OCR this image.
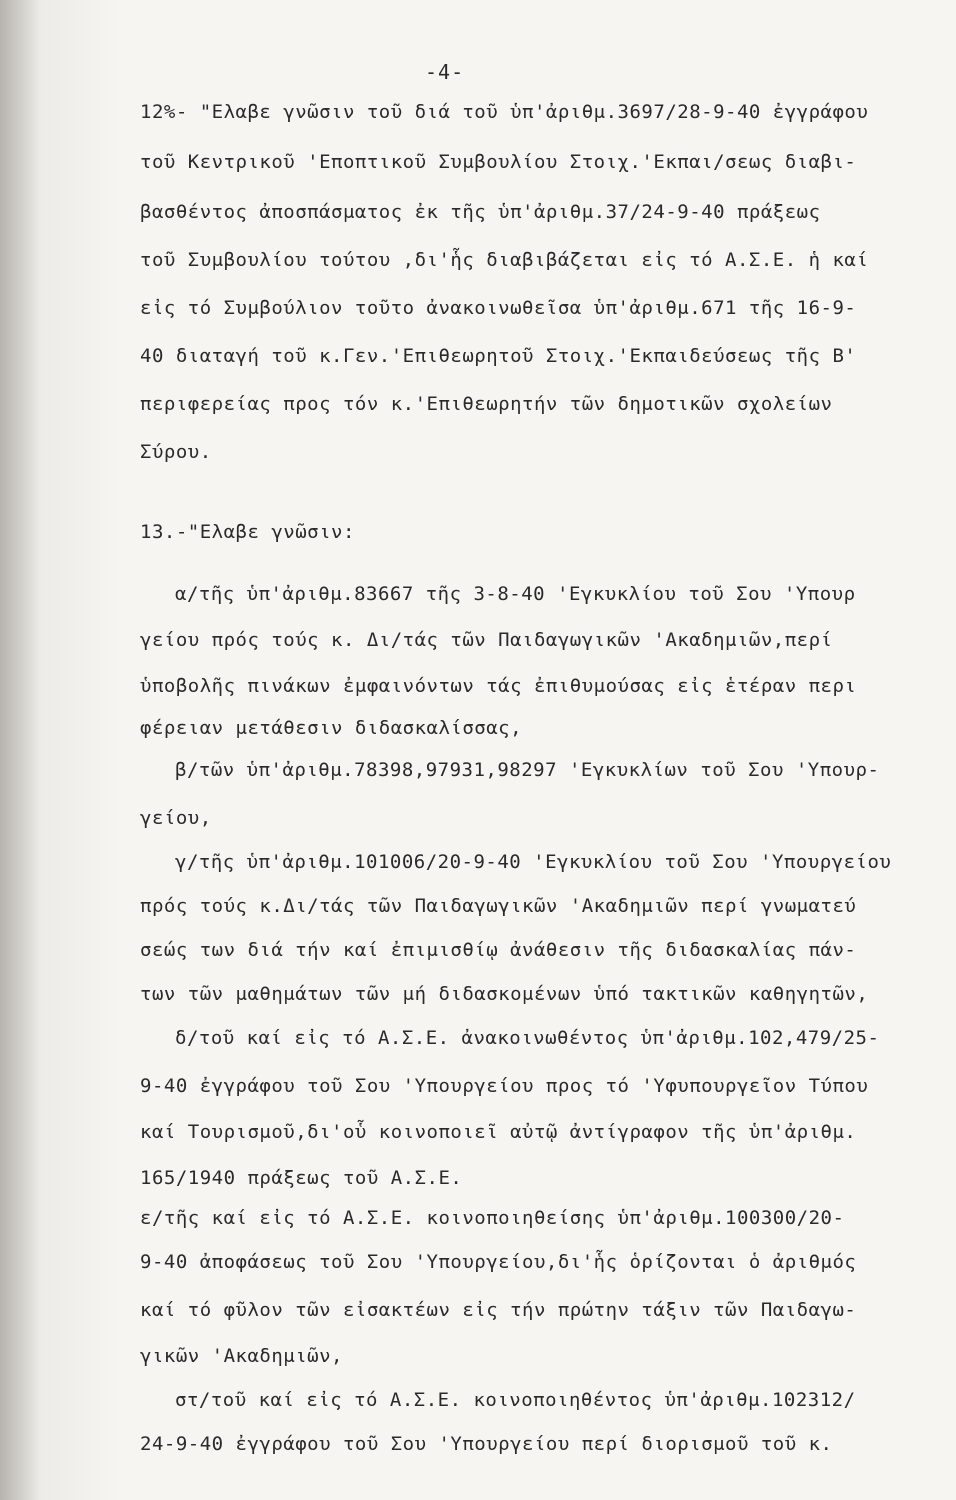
-4-
12%- "Ελαβε γνῶσιν τοῦ διά τοῦ ὑπ'ἀριθμ.3697/28-9-40 ἐγγράφου
τοῦ Κεντρικοῦ 'Εποπτικοῦ Συμβουλίου Στοιχ.'Εκπαι/σεως διαβι-
βασθέντος ἀποσπάσματος ἐκ τῆς ὑπ'ἀριθμ.37/24-9-40 πράξεως
τοῦ Συμβουλίου τούτου ,δι'ἧς διαβιβάζεται εἰς τό Α.Σ.Ε. ἡ καί
εἰς τό Συμβούλιον τοῦτο ἀνακοινωθεῖσα ὑπ'ἀριθμ.671 τῆς 16-9-
40 διαταγή τοῦ κ.Γεν.'Επιθεωρητοῦ Στοιχ.'Εκπαιδεύσεως τῆς Β'
περιφερείας προς τόν κ.'Επιθεωρητήν τῶν δημοτικῶν σχολείων
Σύρου.
13.-"Ελαβε γνῶσιν:
α/τῆς ὑπ'ἀριθμ.83667 τῆς 3-8-40 'Εγκυκλίου τοῦ Σου 'Υπουρ
γείου πρός τούς κ. Δι/τάς τῶν Παιδαγωγικῶν 'Ακαδημιῶν,περί
ὑποβολῆς πινάκων ἐμφαινόντων τάς ἐπιθυμούσας εἰς ἑτέραν περι
φέρειαν μετάθεσιν διδασκαλίσσας,
β/τῶν ὑπ'ἀριθμ.78398,97931,98297 'Εγκυκλίων τοῦ Σου 'Υπουρ-
γείου,
γ/τῆς ὑπ'ἀριθμ.101006/20-9-40 'Εγκυκλίου τοῦ Σου 'Υπουργείου
πρός τούς κ.Δι/τάς τῶν Παιδαγωγικῶν 'Ακαδημιῶν περί γνωματεύ
σεώς των διά τήν καί ἐπιμισθίῳ ἀνάθεσιν τῆς διδασκαλίας πάν-
των τῶν μαθημάτων τῶν μή διδασκομένων ὑπό τακτικῶν καθηγητῶν,
δ/τοῦ καί εἰς τό Α.Σ.Ε. ἀνακοινωθέντος ὑπ'ἀριθμ.102,479/25-
9-40 ἐγγράφου τοῦ Σου 'Υπουργείου προς τό 'Υφυπουργεῖον Τύπου
καί Τουρισμοῦ,δι'οὗ κοινοποιεῖ αὐτῷ ἀντίγραφον τῆς ὑπ'ἀριθμ.
165/1940 πράξεως τοῦ Α.Σ.Ε.
ε/τῆς καί εἰς τό Α.Σ.Ε. κοινοποιηθείσης ὑπ'ἀριθμ.100300/20-
9-40 ἀποφάσεως τοῦ Σου 'Υπουργείου,δι'ἧς ὁρίζονται ὁ ἀριθμός
καί τό φῦλον τῶν εἰσακτέων εἰς τήν πρώτην τάξιν τῶν Παιδαγω-
γικῶν 'Ακαδημιῶν,
στ/τοῦ καί εἰς τό Α.Σ.Ε. κοινοποιηθέντος ὑπ'ἀριθμ.102312/
24-9-40 ἐγγράφου τοῦ Σου 'Υπουργείου περί διορισμοῦ τοῦ κ.
